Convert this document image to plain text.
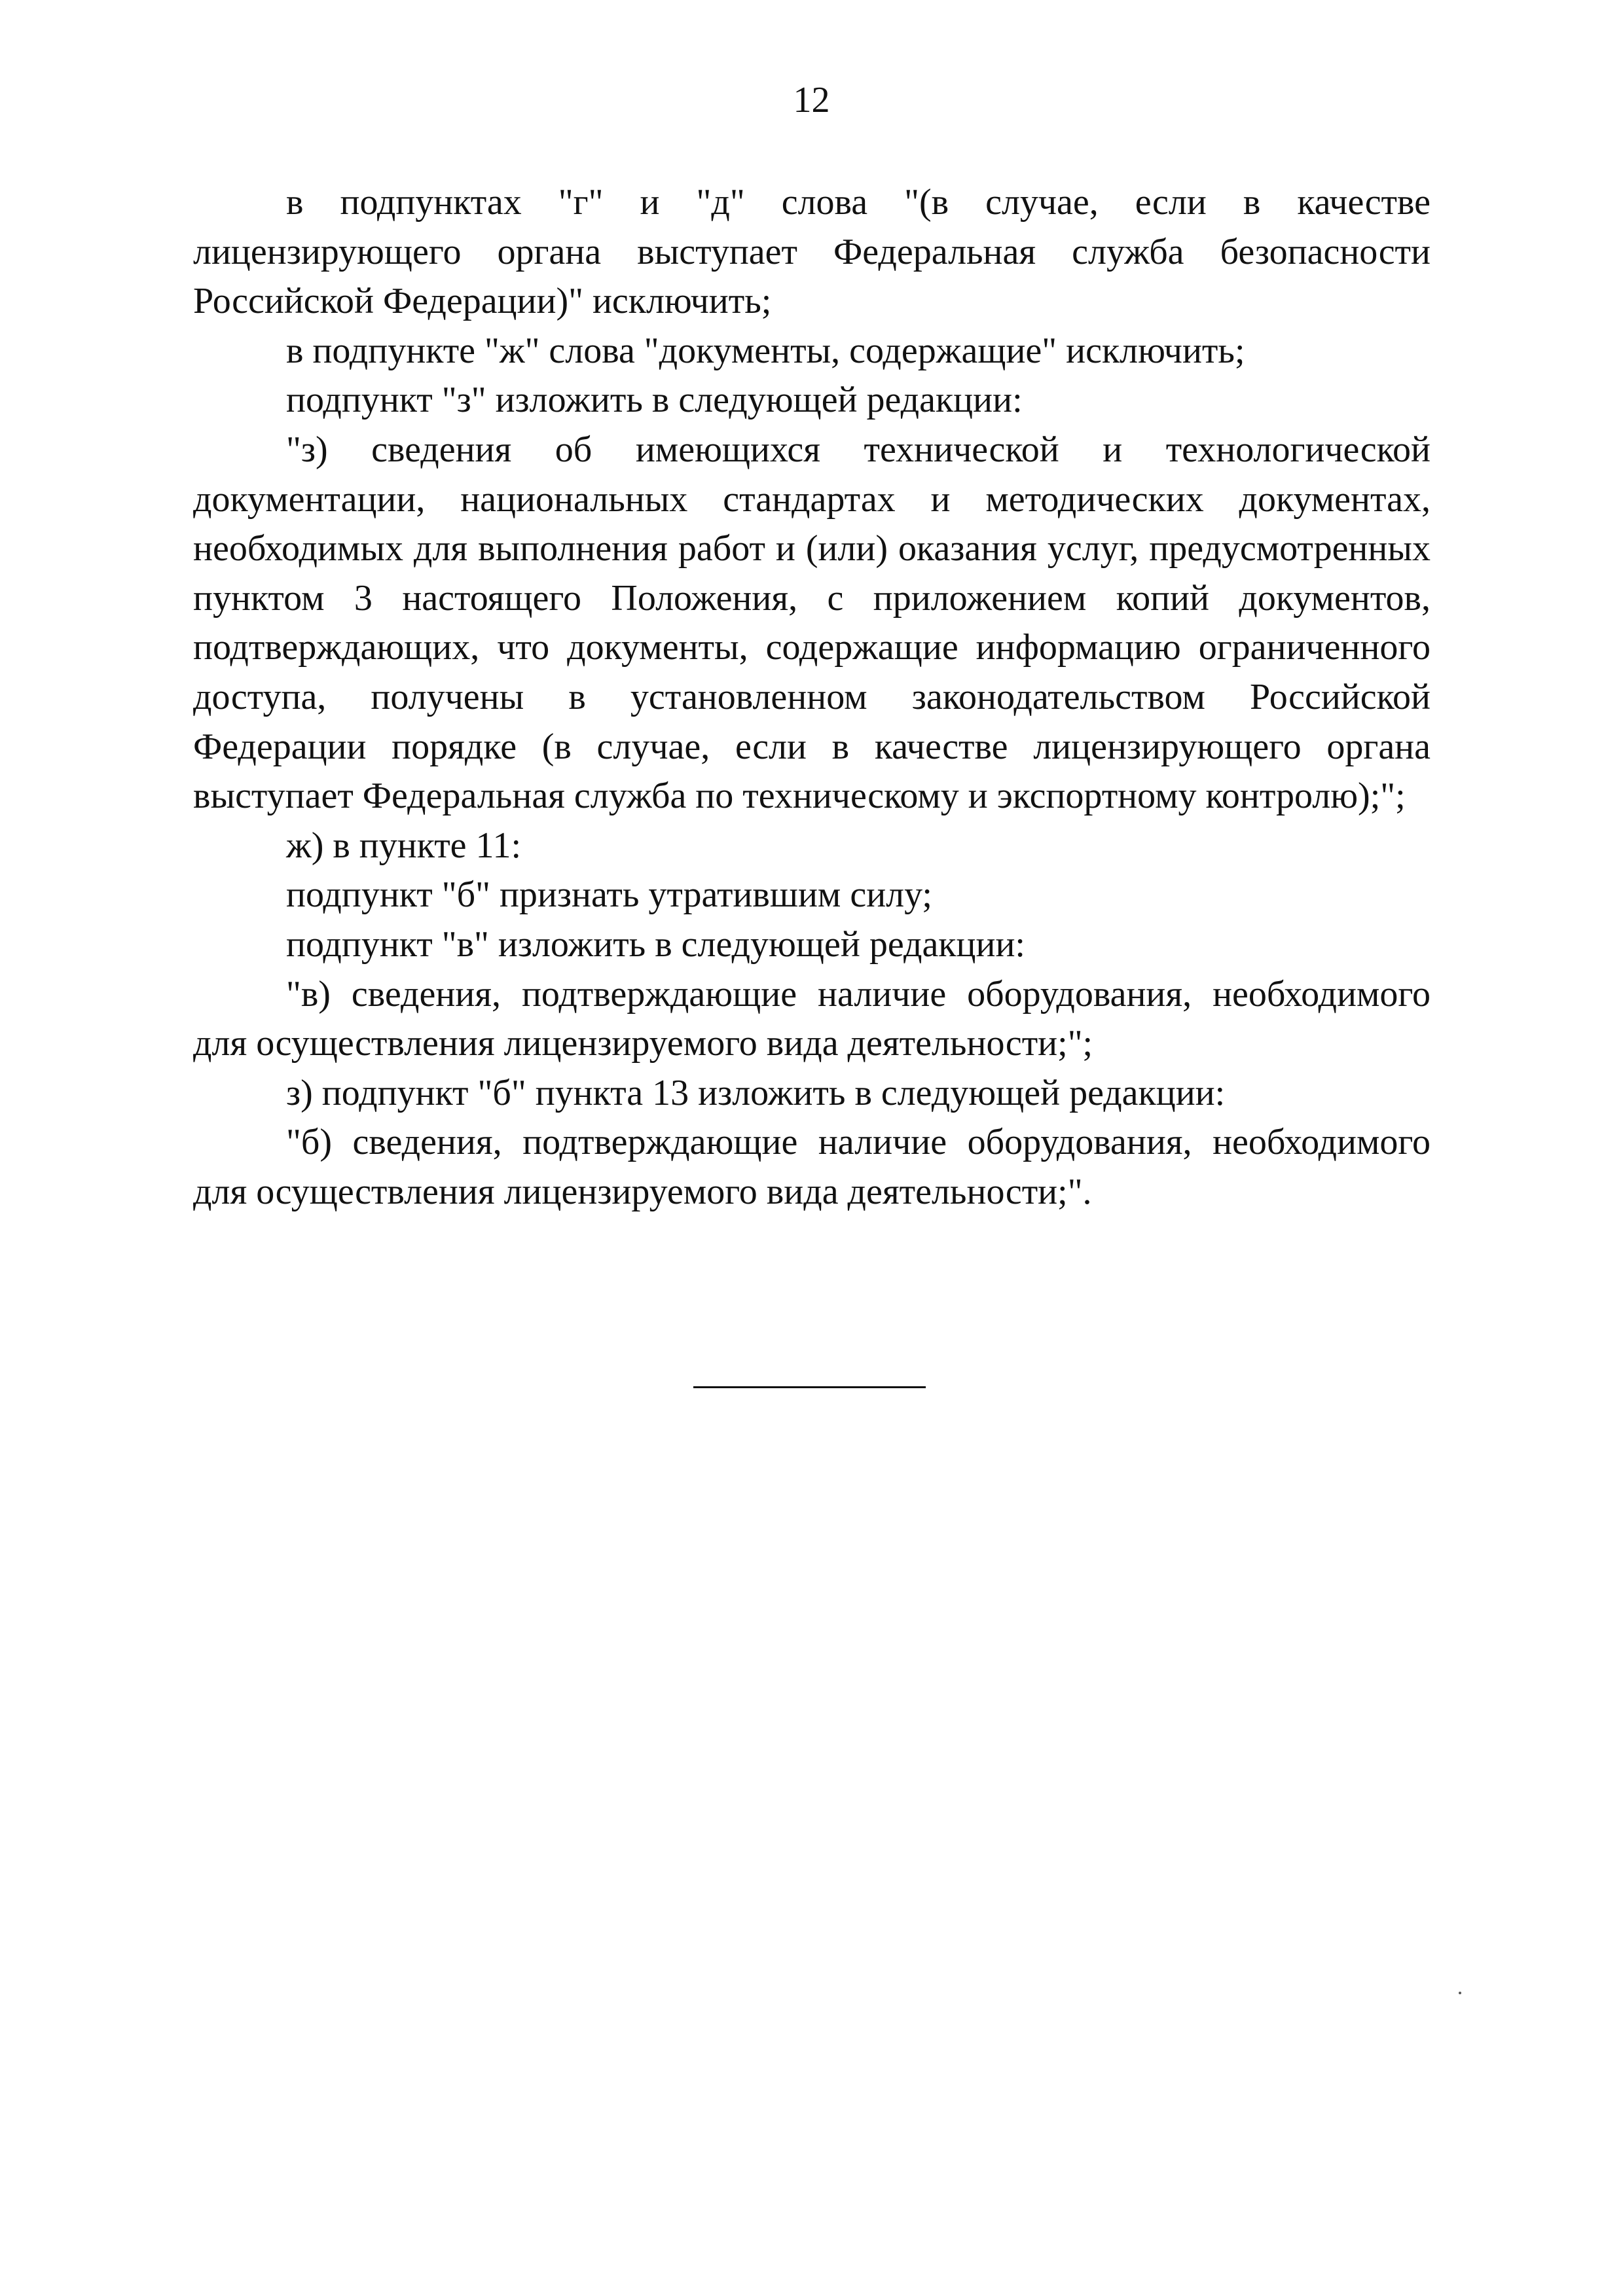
12

в подпунктах "г" и "д" слова "(в случае, если в качестве лицензирующего органа выступает Федеральная служба безопасности Российской Федерации)" исключить;

в подпункте "ж" слова "документы, содержащие" исключить;

подпункт "з" изложить в следующей редакции:

"з) сведения об имеющихся технической и технологической документации, национальных стандартах и методических документах, необходимых для выполнения работ и (или) оказания услуг, предусмотренных пунктом 3 настоящего Положения, с приложением копий документов, подтверждающих, что документы, содержащие информацию ограниченного доступа, получены в установленном законодательством Российской Федерации порядке (в случае, если в качестве лицензирующего органа выступает Федеральная служба по техническому и экспортному контролю);";

ж) в пункте 11:

подпункт "б" признать утратившим силу;

подпункт "в" изложить в следующей редакции:

"в) сведения, подтверждающие наличие оборудования, необходимого для осуществления лицензируемого вида деятельности;";

з) подпункт "б" пункта 13 изложить в следующей редакции:

"б) сведения, подтверждающие наличие оборудования, необходимого для осуществления лицензируемого вида деятельности;".
